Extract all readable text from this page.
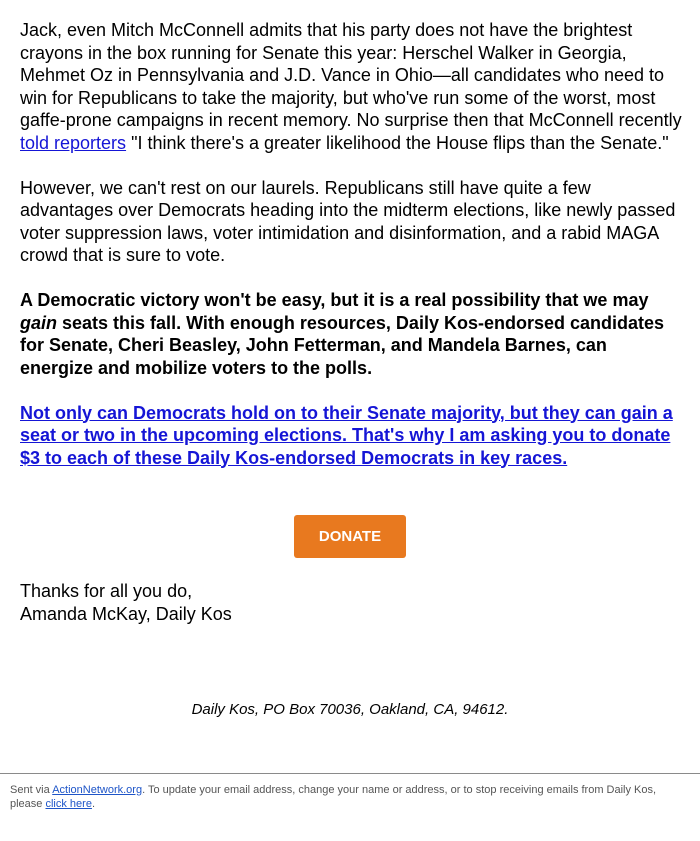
Jack, even Mitch McConnell admits that his party does not have the brightest crayons in the box running for Senate this year: Herschel Walker in Georgia, Mehmet Oz in Pennsylvania and J.D. Vance in Ohio—all candidates who need to win for Republicans to take the majority, but who've run some of the worst, most gaffe-prone campaigns in recent memory. No surprise then that McConnell recently told reporters "I think there's a greater likelihood the House flips than the Senate."

However, we can't rest on our laurels. Republicans still have quite a few advantages over Democrats heading into the midterm elections, like newly passed voter suppression laws, voter intimidation and disinformation, and a rabid MAGA crowd that is sure to vote.

A Democratic victory won't be easy, but it is a real possibility that we may gain seats this fall. With enough resources, Daily Kos-endorsed candidates for Senate, Cheri Beasley, John Fetterman, and Mandela Barnes, can energize and mobilize voters to the polls.

Not only can Democrats hold on to their Senate majority, but they can gain a seat or two in the upcoming elections. That's why I am asking you to donate $3 to each of these Daily Kos-endorsed Democrats in key races.

DONATE
Thanks for all you do,
Amanda McKay, Daily Kos
Daily Kos, PO Box 70036, Oakland, CA, 94612.
Sent via ActionNetwork.org. To update your email address, change your name or address, or to stop receiving emails from Daily Kos, please click here.
